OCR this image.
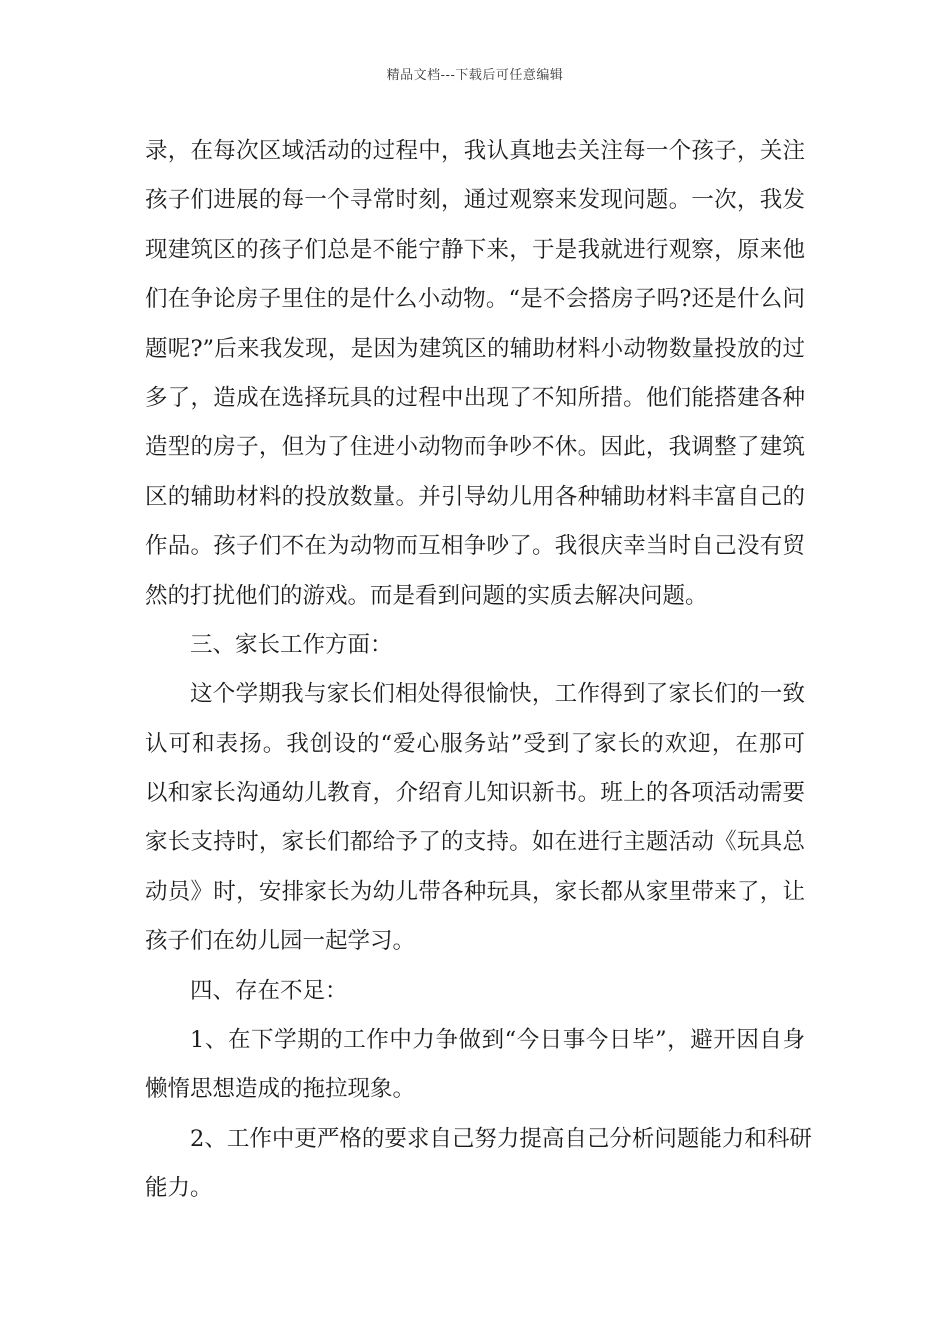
精品文档---下载后可任意编辑
录，在每次区域活动的过程中，我认真地去关注每一个孩子，关注
孩子们进展的每一个寻常时刻，通过观察来发现问题。一次，我发
现建筑区的孩子们总是不能宁静下来，于是我就进行观察，原来他
们在争论房子里住的是什么小动物。“是不会搭房子吗?还是什么问
题呢?”后来我发现，是因为建筑区的辅助材料小动物数量投放的过
多了，造成在选择玩具的过程中出现了不知所措。他们能搭建各种
造型的房子，但为了住进小动物而争吵不休。因此，我调整了建筑
区的辅助材料的投放数量。并引导幼儿用各种辅助材料丰富自己的
作品。孩子们不在为动物而互相争吵了。我很庆幸当时自己没有贸
然的打扰他们的游戏。而是看到问题的实质去解决问题。
三、家长工作方面：
这个学期我与家长们相处得很愉快，工作得到了家长们的一致
认可和表扬。我创设的“爱心服务站”受到了家长的欢迎，在那可
以和家长沟通幼儿教育，介绍育儿知识新书。班上的各项活动需要
家长支持时，家长们都给予了的支持。如在进行主题活动《玩具总
动员》时，安排家长为幼儿带各种玩具，家长都从家里带来了，让
孩子们在幼儿园一起学习。
四、存在不足：
1、在下学期的工作中力争做到“今日事今日毕”，避开因自身
懒惰思想造成的拖拉现象。
2、工作中更严格的要求自己努力提高自己分析问题能力和科研
能力。
